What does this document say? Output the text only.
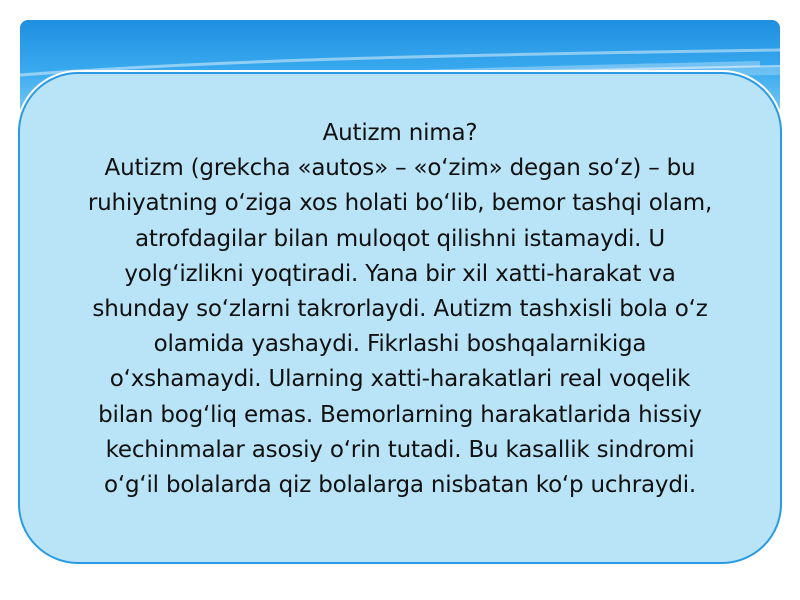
Autizm nima?
Autizm (grekcha «autos» – «o‘zim» degan so‘z) – bu
ruhiyatning o‘ziga xos holati bo‘lib, bemor tashqi olam,
atrofdagilar bilan muloqot qilishni istamaydi. U
yolg‘izlikni yoqtiradi. Yana bir xil xatti-harakat va
shunday so‘zlarni takrorlaydi. Autizm tashxisli bola o‘z
olamida yashaydi. Fikrlashi boshqalarnikiga
o‘xshamaydi. Ularning xatti-harakatlari real voqelik
bilan bog‘liq emas. Bemorlarning harakatlarida hissiy
kechinmalar asosiy o‘rin tutadi. Bu kasallik sindromi
o‘g‘il bolalarda qiz bolalarga nisbatan ko‘p uchraydi.
